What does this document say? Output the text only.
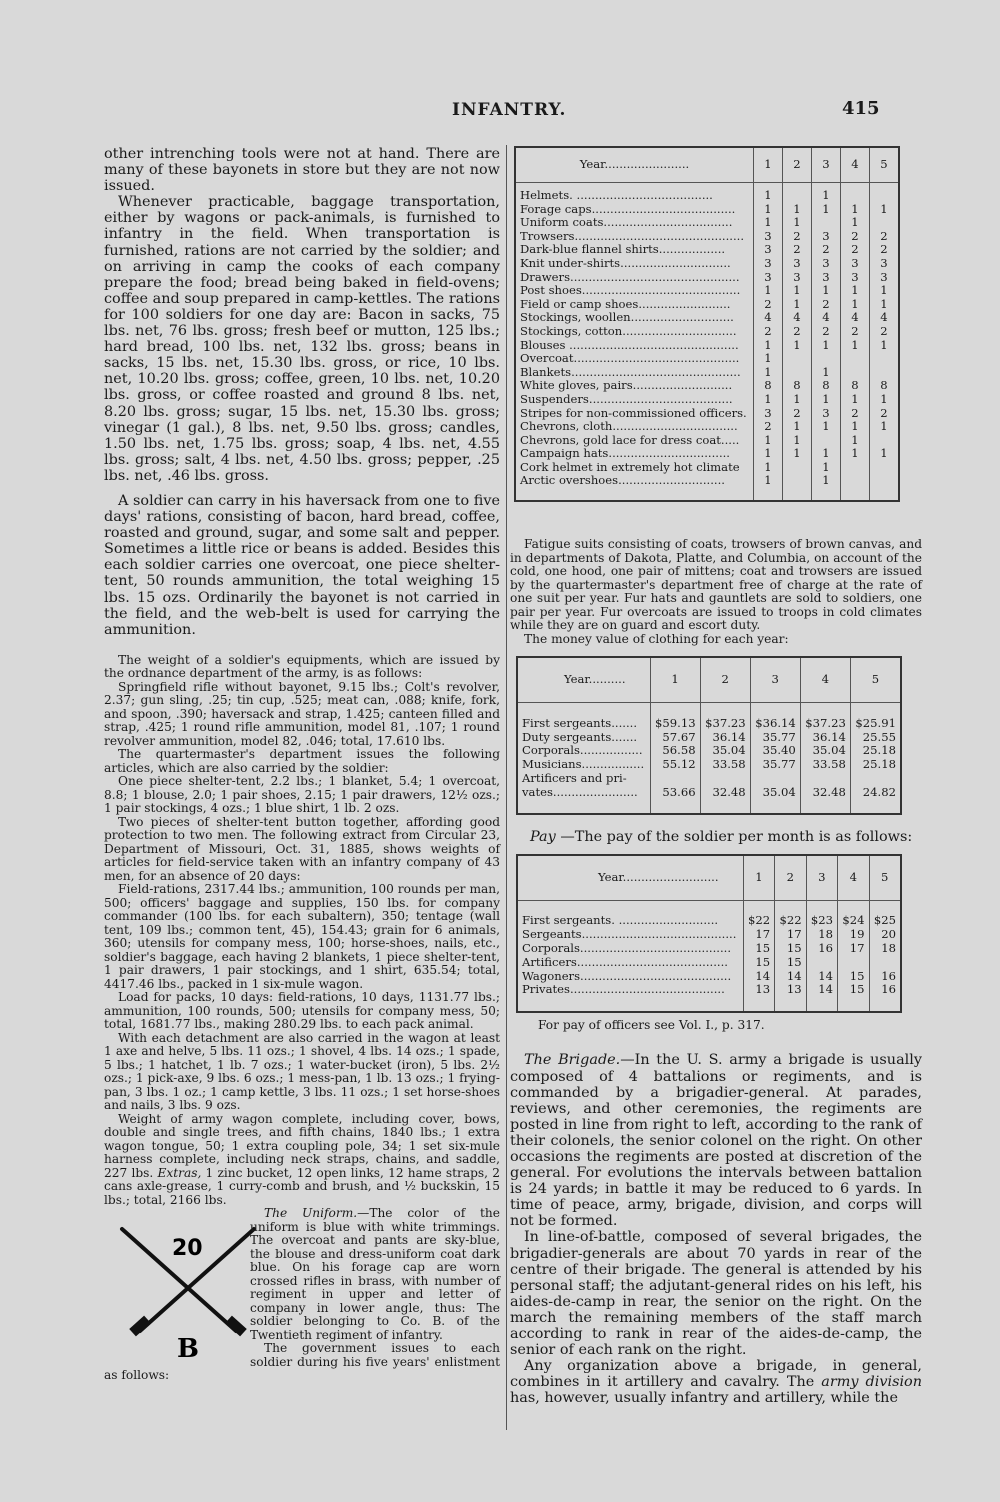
INFANTRY.	415

other intrenching tools were not at hand. There are many of these bayonets in store but they are not now issued.

Whenever practicable, baggage transportation, either by wagons or pack-animals, is furnished to infantry in the field. When transportation is furnished, rations are not carried by the soldier; and on arriving in camp the cooks of each company prepare the food; bread being baked in field-ovens; coffee and soup prepared in camp-kettles. The rations for 100 soldiers for one day are: Bacon in sacks, 75 lbs. net, 76 lbs. gross; fresh beef or mutton, 125 lbs.; hard bread, 100 lbs. net, 132 lbs. gross; beans in sacks, 15 lbs. net, 15.30 lbs. gross, or rice, 10 lbs. net, 10.20 lbs. gross; coffee, green, 10 lbs. net, 10.20 lbs. gross, or coffee roasted and ground 8 lbs. net, 8.20 lbs. gross; sugar, 15 lbs. net, 15.30 lbs. gross; vinegar (1 gal.), 8 lbs. net, 9.50 lbs. gross; candles, 1.50 lbs. net, 1.75 lbs. gross; soap, 4 lbs. net, 4.55 lbs. gross; salt, 4 lbs. net, 4.50 lbs. gross; pepper, .25 lbs. net, .46 lbs. gross.

A soldier can carry in his haversack from one to five days' rations, consisting of bacon, hard bread, coffee, roasted and ground, sugar, and some salt and pepper. Sometimes a little rice or beans is added. Besides this each soldier carries one overcoat, one piece shelter-tent, 50 rounds ammunition, the total weighing 15 lbs. 15 ozs. Ordinarily the bayonet is not carried in the field, and the web-belt is used for carrying the ammunition.

The weight of a soldier's equipments, which are issued by the ordnance department of the army, is as follows:

Springfield rifle without bayonet, 9.15 lbs.; Colt's revolver, 2.37; gun sling, .25; tin cup, .525; meat can, .088; knife, fork, and spoon, .390; haversack and strap, 1.425; canteen filled and strap, .425; 1 round rifle ammunition, model 81, .107; 1 round revolver ammunition, model 82, .046; total, 17.610 lbs.

The quartermaster's department issues the following articles, which are also carried by the soldier:

One piece shelter-tent, 2.2 lbs.; 1 blanket, 5.4; 1 overcoat, 8.8; 1 blouse, 2.0; 1 pair shoes, 2.15; 1 pair drawers, 12½ ozs.; 1 pair stockings, 4 ozs.; 1 blue shirt, 1 lb. 2 ozs.

Two pieces of shelter-tent button together, affording good protection to two men. The following extract from Circular 23, Department of Missouri, Oct. 31, 1885, shows weights of articles for field-service taken with an infantry company of 43 men, for an absence of 20 days:

Field-rations, 2317.44 lbs.; ammunition, 100 rounds per man, 500; officers' baggage and supplies, 150 lbs. for company commander (100 lbs. for each subaltern), 350; tentage (wall tent, 109 lbs.; common tent, 45), 154.43; grain for 6 animals, 360; utensils for company mess, 100; horse-shoes, nails, etc., soldier's baggage, each having 2 blankets, 1 piece shelter-tent, 1 pair drawers, 1 pair stockings, and 1 shirt, 635.54; total, 4417.46 lbs., packed in 1 six-mule wagon.

Load for packs, 10 days: field-rations, 10 days, 1131.77 lbs.; ammunition, 100 rounds, 500; utensils for company mess, 50; total, 1681.77 lbs., making 280.29 lbs. to each pack animal.

With each detachment are also carried in the wagon at least 1 axe and helve, 5 lbs. 11 ozs.; 1 shovel, 4 lbs. 14 ozs.; 1 spade, 5 lbs.; 1 hatchet, 1 lb. 7 ozs.; 1 water-bucket (iron), 5 lbs. 2½ ozs.; 1 pick-axe, 9 lbs. 6 ozs.; 1 mess-pan, 1 lb. 13 ozs.; 1 frying-pan, 3 lbs. 1 oz.; 1 camp kettle, 3 lbs. 11 ozs.; 1 set horse-shoes and nails, 3 lbs. 9 ozs.

Weight of army wagon complete, including cover, bows, double and single trees, and fifth chains, 1840 lbs.; 1 extra wagon tongue, 50; 1 extra coupling pole, 34; 1 set six-mule harness complete, including neck straps, chains, and saddle, 227 lbs. Extras, 1 zinc bucket, 12 open links, 12 hame straps, 2 cans axle-grease, 1 curry-comb and brush, and ½ buckskin, 15 lbs.; total, 2166 lbs.

20
B
The Uniform.—The color of the uniform is blue with white trimmings. The overcoat and pants are sky-blue, the blouse and dress-uniform coat dark blue. On his forage cap are worn crossed rifles in brass, with number of regiment in upper and letter of company in lower angle, thus: The soldier belonging to Co. B. of the Twentieth regiment of infantry.

The government issues to each soldier during his five years' enlistment as follows:

Year.......................	1	2	3	4	5

Helmets. .....................................	1		1		
Forage caps.......................................	1	1	1	1	1
Uniform coats...................................	1	1		1	
Trowsers..............................................	3	2	3	2	2
Dark-blue flannel shirts..................	3	2	2	2	2
Knit under-shirts..............................	3	3	3	3	3
Drawers..............................................	3	3	3	3	3
Post shoes...........................................	1	1	1	1	1
Field or camp shoes.........................	2	1	2	1	1
Stockings, woollen............................	4	4	4	4	4
Stockings, cotton...............................	2	2	2	2	2
Blouses ..............................................	1	1	1	1	1
Overcoat.............................................	1				
Blankets..............................................	1		1		
White gloves, pairs...........................	8	8	8	8	8
Suspenders.......................................	1	1	1	1	1
Stripes for non-commissioned officers.	3	2	3	2	2
Chevrons, cloth..................................	2	1	1	1	1
Chevrons, gold lace for dress coat.....	1	1		1	
Campaign hats.................................	1	1	1	1	1
Cork helmet in extremely hot climate	1		1		
Arctic overshoes.............................	1		1		

Fatigue suits consisting of coats, trowsers of brown canvas, and in departments of Dakota, Platte, and Columbia, on account of the cold, one hood, one pair of mittens; coat and trowsers are issued by the quartermaster's department free of charge at the rate of one suit per year. Fur hats and gauntlets are sold to soldiers, one pair per year. Fur overcoats are issued to troops in cold climates while they are on guard and escort duty.

The money value of clothing for each year:

Year..........	1	2	3	4	5

First sergeants.......	$59.13	$37.23	$36.14	$37.23	$25.91
Duty sergeants.......	57.67	36.14	35.77	36.14	25.55
Corporals.................	56.58	35.04	35.40	35.04	25.18
Musicians.................	55.12	33.58	35.77	33.58	25.18
Artificers and pri-					
vates.......................	53.66	32.48	35.04	32.48	24.82

Pay —The pay of the soldier per month is as follows:

Year..........................	1	2	3	4	5

First sergeants. ...........................	$22	$22	$23	$24	$25
Sergeants..........................................	17	17	18	19	20
Corporals.........................................	15	15	16	17	18
Artificers.........................................	15	15			
Wagoners.........................................	14	14	14	15	16
Privates..........................................	13	13	14	15	16

For pay of officers see Vol. I., p. 317.

The Brigade.—In the U. S. army a brigade is usually composed of 4 battalions or regiments, and is commanded by a brigadier-general. At parades, reviews, and other ceremonies, the regiments are posted in line from right to left, according to the rank of their colonels, the senior colonel on the right. On other occasions the regiments are posted at discretion of the general. For evolutions the intervals between battalion is 24 yards; in battle it may be reduced to 6 yards. In time of peace, army, brigade, division, and corps will not be formed.

In line-of-battle, composed of several brigades, the brigadier-generals are about 70 yards in rear of the centre of their brigade. The general is attended by his personal staff; the adjutant-general rides on his left, his aides-de-camp in rear, the senior on the right. On the march the remaining members of the staff march according to rank in rear of the aides-de-camp, the senior of each rank on the right.

Any organization above a brigade, in general, combines in it artillery and cavalry. The army division has, however, usually infantry and artillery, while the
